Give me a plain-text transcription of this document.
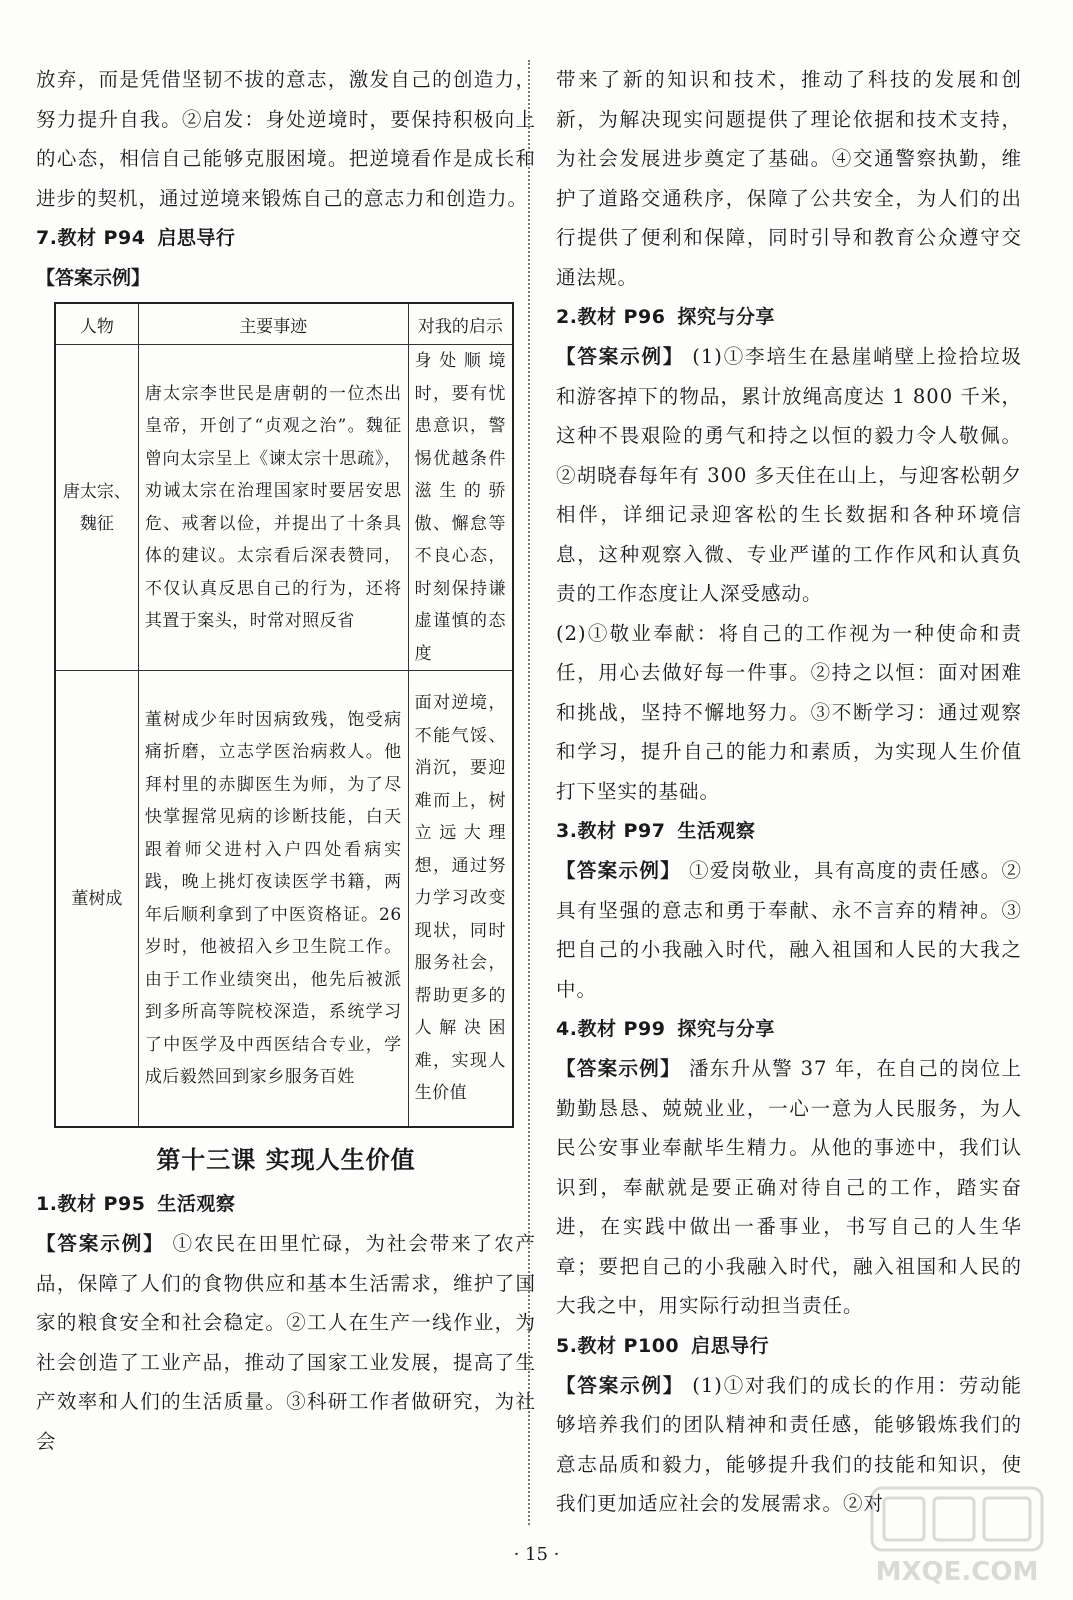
放弃，而是凭借坚韧不拔的意志，激发自己的创造力，努力提升自我。②启发：身处逆境时，要保持积极向上的心态，相信自己能够克服困境。把逆境看作是成长和进步的契机，通过逆境来锻炼自己的意志力和创造力。

7.教材 P94 启思导行

【答案示例】

人物	主要事迹	对我的启示
唐太宗、魏征	唐太宗李世民是唐朝的一位杰出皇帝，开创了“贞观之治”。魏征曾向太宗呈上《谏太宗十思疏》，劝诫太宗在治理国家时要居安思危、戒奢以俭，并提出了十条具体的建议。太宗看后深表赞同，不仅认真反思自己的行为，还将其置于案头，时常对照反省	身处顺境时，要有忧患意识，警惕优越条件滋生的骄傲、懈怠等不良心态，时刻保持谦虚谨慎的态度
董树成	董树成少年时因病致残，饱受病痛折磨，立志学医治病救人。他拜村里的赤脚医生为师，为了尽快掌握常见病的诊断技能，白天跟着师父进村入户四处看病实践，晚上挑灯夜读医学书籍，两年后顺利拿到了中医资格证。26岁时，他被招入乡卫生院工作。由于工作业绩突出，他先后被派到多所高等院校深造，系统学习了中医学及中西医结合专业，学成后毅然回到家乡服务百姓	面对逆境，不能气馁、消沉，要迎难而上，树立远大理想，通过努力学习改变现状，同时服务社会，帮助更多的人解决困难，实现人生价值

第十三课 实现人生价值

1.教材 P95 生活观察

【答案示例】 ①农民在田里忙碌，为社会带来了农产品，保障了人们的食物供应和基本生活需求，维护了国家的粮食安全和社会稳定。②工人在生产一线作业，为社会创造了工业产品，推动了国家工业发展，提高了生产效率和人们的生活质量。③科研工作者做研究，为社会

带来了新的知识和技术，推动了科技的发展和创新，为解决现实问题提供了理论依据和技术支持，为社会发展进步奠定了基础。④交通警察执勤，维护了道路交通秩序，保障了公共安全，为人们的出行提供了便利和保障，同时引导和教育公众遵守交通法规。

2.教材 P96 探究与分享

【答案示例】 (1)①李培生在悬崖峭壁上捡拾垃圾和游客掉下的物品，累计放绳高度达 1 800 千米，这种不畏艰险的勇气和持之以恒的毅力令人敬佩。②胡晓春每年有 300 多天住在山上，与迎客松朝夕相伴，详细记录迎客松的生长数据和各种环境信息，这种观察入微、专业严谨的工作作风和认真负责的工作态度让人深受感动。

(2)①敬业奉献：将自己的工作视为一种使命和责任，用心去做好每一件事。②持之以恒：面对困难和挑战，坚持不懈地努力。③不断学习：通过观察和学习，提升自己的能力和素质，为实现人生价值打下坚实的基础。

3.教材 P97 生活观察

【答案示例】 ①爱岗敬业，具有高度的责任感。②具有坚强的意志和勇于奉献、永不言弃的精神。③把自己的小我融入时代，融入祖国和人民的大我之中。

4.教材 P99 探究与分享

【答案示例】 潘东升从警 37 年，在自己的岗位上勤勤恳恳、兢兢业业，一心一意为人民服务，为人民公安事业奉献毕生精力。从他的事迹中，我们认识到，奉献就是要正确对待自己的工作，踏实奋进，在实践中做出一番事业，书写自己的人生华章；要把自己的小我融入时代，融入祖国和人民的大我之中，用实际行动担当责任。

5.教材 P100 启思导行

【答案示例】 (1)①对我们的成长的作用：劳动能够培养我们的团队精神和责任感，能够锻炼我们的意志品质和毅力，能够提升我们的技能和知识，使我们更加适应社会的发展需求。②对

· 15 ·
MXQE.COM
